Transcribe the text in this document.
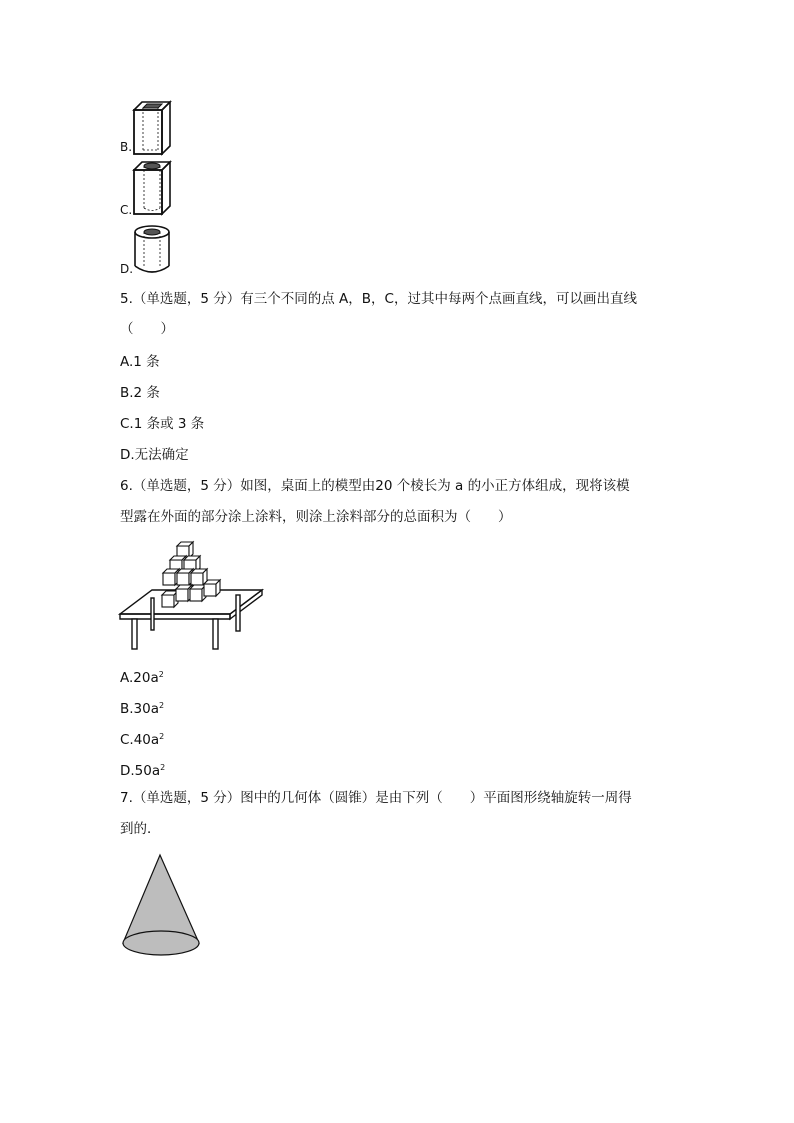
B.
C.
D.
5.（单选题，5 分）有三个不同的点 A，B，C，过其中每两个点画直线，可以画出直线
（　　）
A.1 条
B.2 条
C.1 条或 3 条
D.无法确定
6.（单选题，5 分）如图，桌面上的模型由20 个棱长为 a 的小正方体组成，现将该模
型露在外面的部分涂上涂料，则涂上涂料部分的总面积为（　　）
$A.20a^2$
$B.30a^2$
$C.40a^2$
$D.50a^2$
7.（单选题，5 分）图中的几何体（圆锥）是由下列（　　）平面图形绕轴旋转一周得
到的．
